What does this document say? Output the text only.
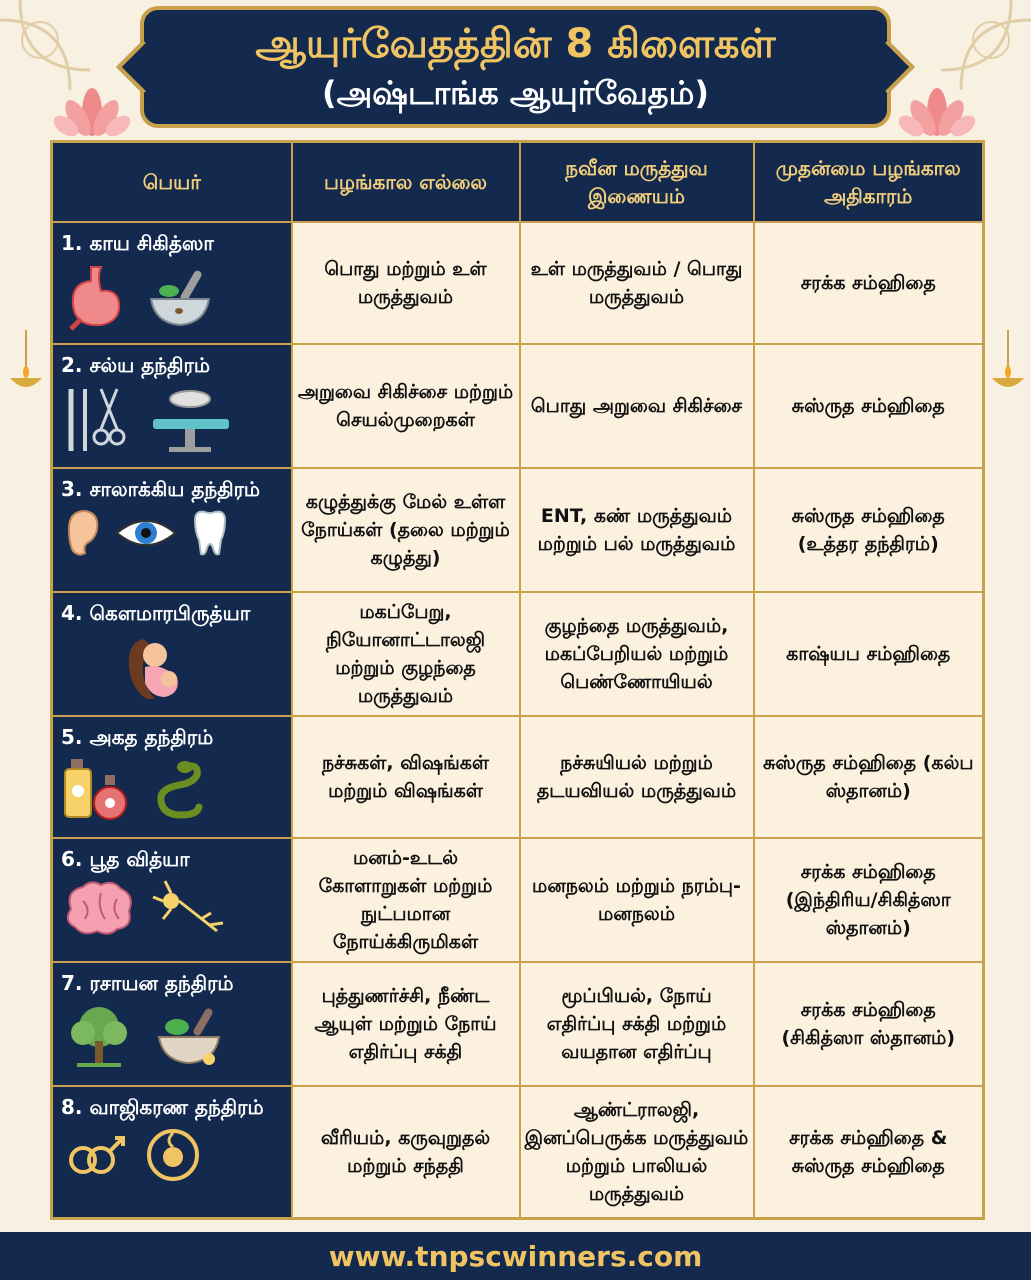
ஆயுர்வேதத்தின் 8 கிளைகள்
(அஷ்டாங்க ஆயுர்வேதம்)
பெயர்	பழங்கால எல்லை	நவீன மருத்துவ இணையம்	முதன்மை பழங்கால அதிகாரம்

1. காய சிகித்ஸா	பொது மற்றும் உள் மருத்துவம்	உள் மருத்துவம் / பொது மருத்துவம்	சரக்க சம்ஹிதை

2. சல்ய தந்திரம்	அறுவை சிகிச்சை மற்றும் செயல்முறைகள்	பொது அறுவை சிகிச்சை	சுஸ்ருத சம்ஹிதை

3. சாலாக்கிய தந்திரம்	கழுத்துக்கு மேல் உள்ள நோய்கள் (தலை மற்றும் கழுத்து)	ENT, கண் மருத்துவம் மற்றும் பல் மருத்துவம்	சுஸ்ருத சம்ஹிதை (உத்தர தந்திரம்)

4. கௌமாரபிருத்யா	மகப்பேறு, நியோனாட்டாலஜி மற்றும் குழந்தை மருத்துவம்	குழந்தை மருத்துவம், மகப்பேறியல் மற்றும் பெண்ணோயியல்	காஷ்யப சம்ஹிதை

5. அகத தந்திரம்	நச்சுகள், விஷங்கள் மற்றும் விஷங்கள்	நச்சுயியல் மற்றும் தடயவியல் மருத்துவம்	சுஸ்ருத சம்ஹிதை (கல்ப ஸ்தானம்)

6. பூத வித்யா	மனம்-உடல் கோளாறுகள் மற்றும் நுட்பமான நோய்க்கிருமிகள்	மனநலம் மற்றும் நரம்பு-மனநலம்	சரக்க சம்ஹிதை (இந்திரிய/சிகித்ஸா ஸ்தானம்)

7. ரசாயன தந்திரம்	புத்துணர்ச்சி, நீண்ட ஆயுள் மற்றும் நோய் எதிர்ப்பு சக்தி	மூப்பியல், நோய் எதிர்ப்பு சக்தி மற்றும் வயதான எதிர்ப்பு	சரக்க சம்ஹிதை (சிகித்ஸா ஸ்தானம்)

8. வாஜிகரண தந்திரம்	வீரியம், கருவுறுதல் மற்றும் சந்ததி	ஆண்ட்ராலஜி, இனப்பெருக்க மருத்துவம் மற்றும் பாலியல் மருத்துவம்	சரக்க சம்ஹிதை & சுஸ்ருத சம்ஹிதை
www.tnpscwinners.com
